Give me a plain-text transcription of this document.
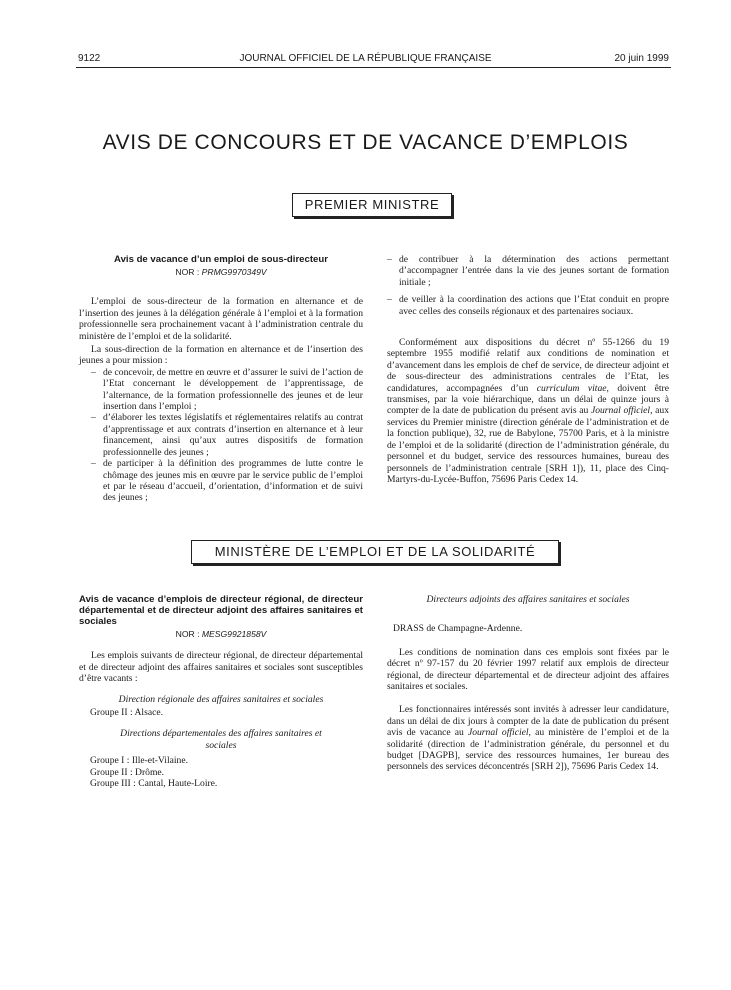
9122	JOURNAL OFFICIEL DE LA RÉPUBLIQUE FRANÇAISE	20 juin 1999
AVIS DE CONCOURS ET DE VACANCE D’EMPLOIS
PREMIER MINISTRE
Avis de vacance d’un emploi de sous-directeur
NOR : PRMG9970349V

L’emploi de sous-directeur de la formation en alternance et de l’insertion des jeunes à la délégation générale à l’emploi et à la formation professionnelle sera prochainement vacant à l’administration centrale du ministère de l’emploi et de la solidarité.

La sous-direction de la formation en alternance et de l’insertion des jeunes a pour mission :

– de concevoir, de mettre en œuvre et d’assurer le suivi de l’action de l’Etat concernant le développement de l’apprentissage, de l’alternance, de la formation professionnelle des jeunes et de leur insertion dans l’emploi ;
– d’élaborer les textes législatifs et réglementaires relatifs au contrat d’apprentissage et aux contrats d’insertion en alternance et à leur financement, ainsi qu’aux autres dispositifs de formation professionnelle des jeunes ;
– de participer à la définition des programmes de lutte contre le chômage des jeunes mis en œuvre par le service public de l’emploi et par le réseau d’accueil, d’orientation, d’information et de suivi des jeunes ;
– de contribuer à la détermination des actions permettant d’accompagner l’entrée dans la vie des jeunes sortant de formation initiale ;
– de veiller à la coordination des actions que l’Etat conduit en propre avec celles des conseils régionaux et des partenaires sociaux.

Conformément aux dispositions du décret nº 55-1266 du 19 septembre 1955 modifié relatif aux conditions de nomination et d’avancement dans les emplois de chef de service, de directeur adjoint et de sous-directeur des administrations centrales de l’Etat, les candidatures, accompagnées d’un curriculum vitae, doivent être transmises, par la voie hiérarchique, dans un délai de quinze jours à compter de la date de publication du présent avis au Journal officiel, aux services du Premier ministre (direction générale de l’administration et de la fonction publique), 32, rue de Babylone, 75700 Paris, et à la ministre de l’emploi et de la solidarité (direction de l’administration générale, du personnel et du budget, service des ressources humaines, bureau des personnels de l’administration centrale [SRH 1]), 11, place des Cinq-Martyrs-du-Lycée-Buffon, 75696 Paris Cedex 14.

MINISTÈRE DE L’EMPLOI ET DE LA SOLIDARITÉ
Avis de vacance d’emplois de directeur régional, de directeur départemental et de directeur adjoint des affaires sanitaires et sociales
NOR : MESG9921858V

Les emplois suivants de directeur régional, de directeur départemental et de directeur adjoint des affaires sanitaires et sociales sont susceptibles d’être vacants :

Direction régionale des affaires sanitaires et sociales
Groupe II : Alsace.
Directions départementales des affaires sanitaires et sociales
Groupe I : Ille-et-Vilaine.
Groupe II : Drôme.
Groupe III : Cantal, Haute-Loire.
Directeurs adjoints des affaires sanitaires et sociales
DRASS de Champagne-Ardenne.

Les conditions de nomination dans ces emplois sont fixées par le décret nº 97-157 du 20 février 1997 relatif aux emplois de directeur régional, de directeur départemental et de directeur adjoint des affaires sanitaires et sociales.

Les fonctionnaires intéressés sont invités à adresser leur candidature, dans un délai de dix jours à compter de la date de publication du présent avis de vacance au Journal officiel, au ministère de l’emploi et de la solidarité (direction de l’administration générale, du personnel et du budget [DAGPB], service des ressources humaines, 1er bureau des personnels des services déconcentrés [SRH 2]), 75696 Paris Cedex 14.
